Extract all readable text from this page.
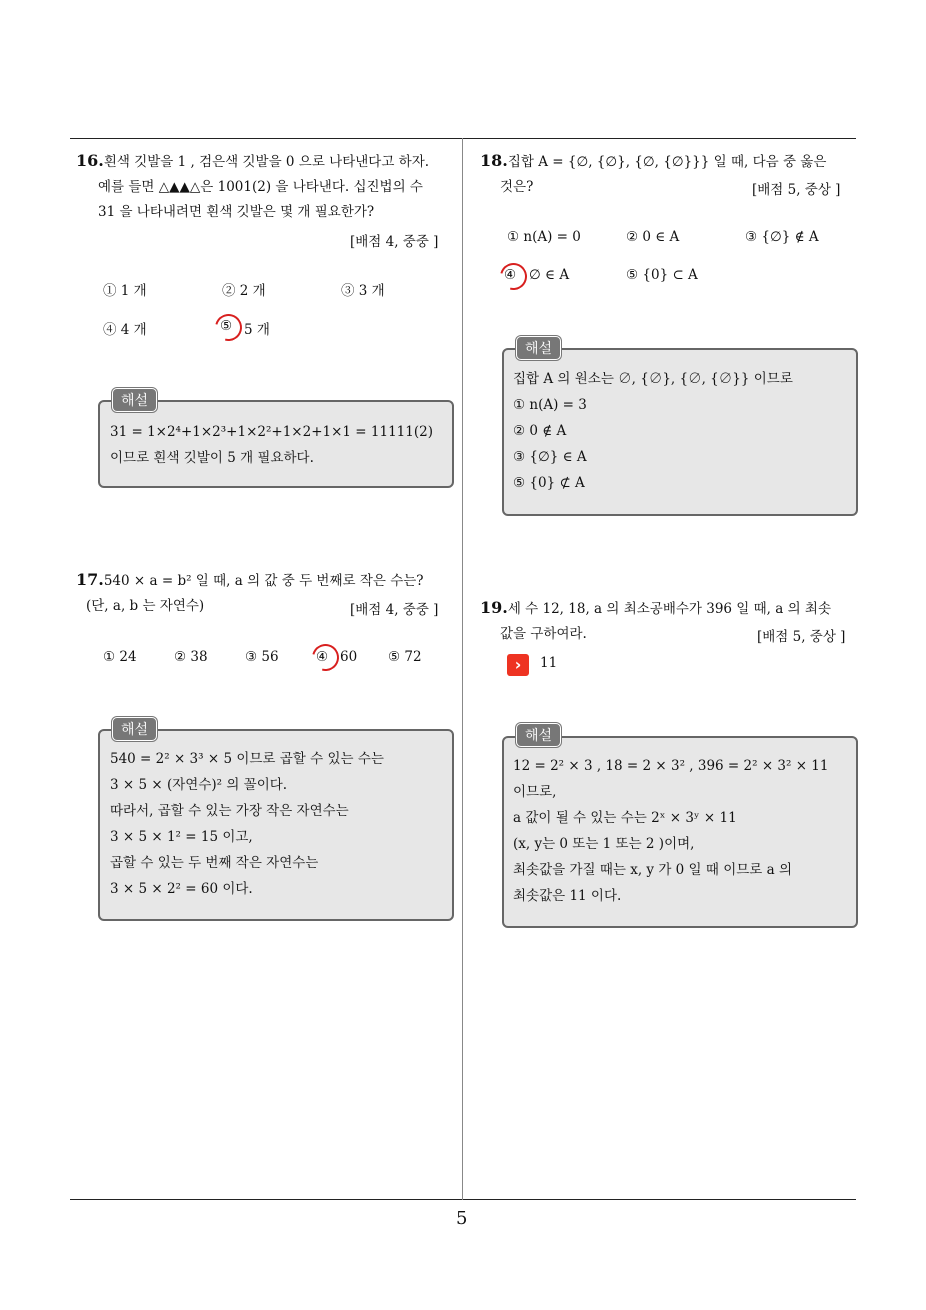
16.흰색 깃발을 1 , 검은색 깃발을 0 으로 나타낸다고 하자.
예를 들면 △▲▲△은 1001(2) 을 나타낸다. 십진법의 수
31 을 나타내려면 흰색 깃발은 몇 개 필요한가?
[배점 4, 중중 ]
① 1 개	② 2 개	③ 3 개
④ 4 개	⑤ 5 개
해설
31 = 1×2⁴+1×2³+1×2²+1×2+1×1 = 11111(2)
이므로 흰색 깃발이 5 개 필요하다.
17.540 × a = b² 일 때, a 의 값 중 두 번째로 작은 수는?
(단, a, b 는 자연수)	[배점 4, 중중 ]
① 24	② 38	③ 56	④ 60 ⑤ 72
해설
540 = 2² × 3³ × 5 이므로 곱할 수 있는 수는
3 × 5 × (자연수)² 의 꼴이다.
따라서, 곱할 수 있는 가장 작은 자연수는
3 × 5 × 1² = 15 이고,
곱할 수 있는 두 번째 작은 자연수는
3 × 5 × 2² = 60 이다.
18.집합 A = {∅, {∅}, {∅, {∅}}} 일 때, 다음 중 옳은
것은?	[배점 5, 중상 ]
① n(A) = 0	② 0 ∈ A	③ {∅} ∉ A
④ ∅ ∈ A	⑤ {0} ⊂ A
해설
집합 A 의 원소는 ∅, {∅}, {∅, {∅}} 이므로
① n(A) = 3
② 0 ∉ A
③ {∅} ∈ A
⑤ {0} ⊄ A
19.세 수 12, 18, a 의 최소공배수가 396 일 때, a 의 최솟
값을 구하여라.	[배점 5, 중상 ]
›	11
해설
12 = 2² × 3 , 18 = 2 × 3² , 396 = 2² × 3² × 11
이므로,
a 값이 될 수 있는 수는 2ˣ × 3ʸ × 11
(x, y는 0 또는 1 또는 2 )이며,
최솟값을 가질 때는 x, y 가 0 일 때 이므로 a 의
최솟값은 11 이다.
5
